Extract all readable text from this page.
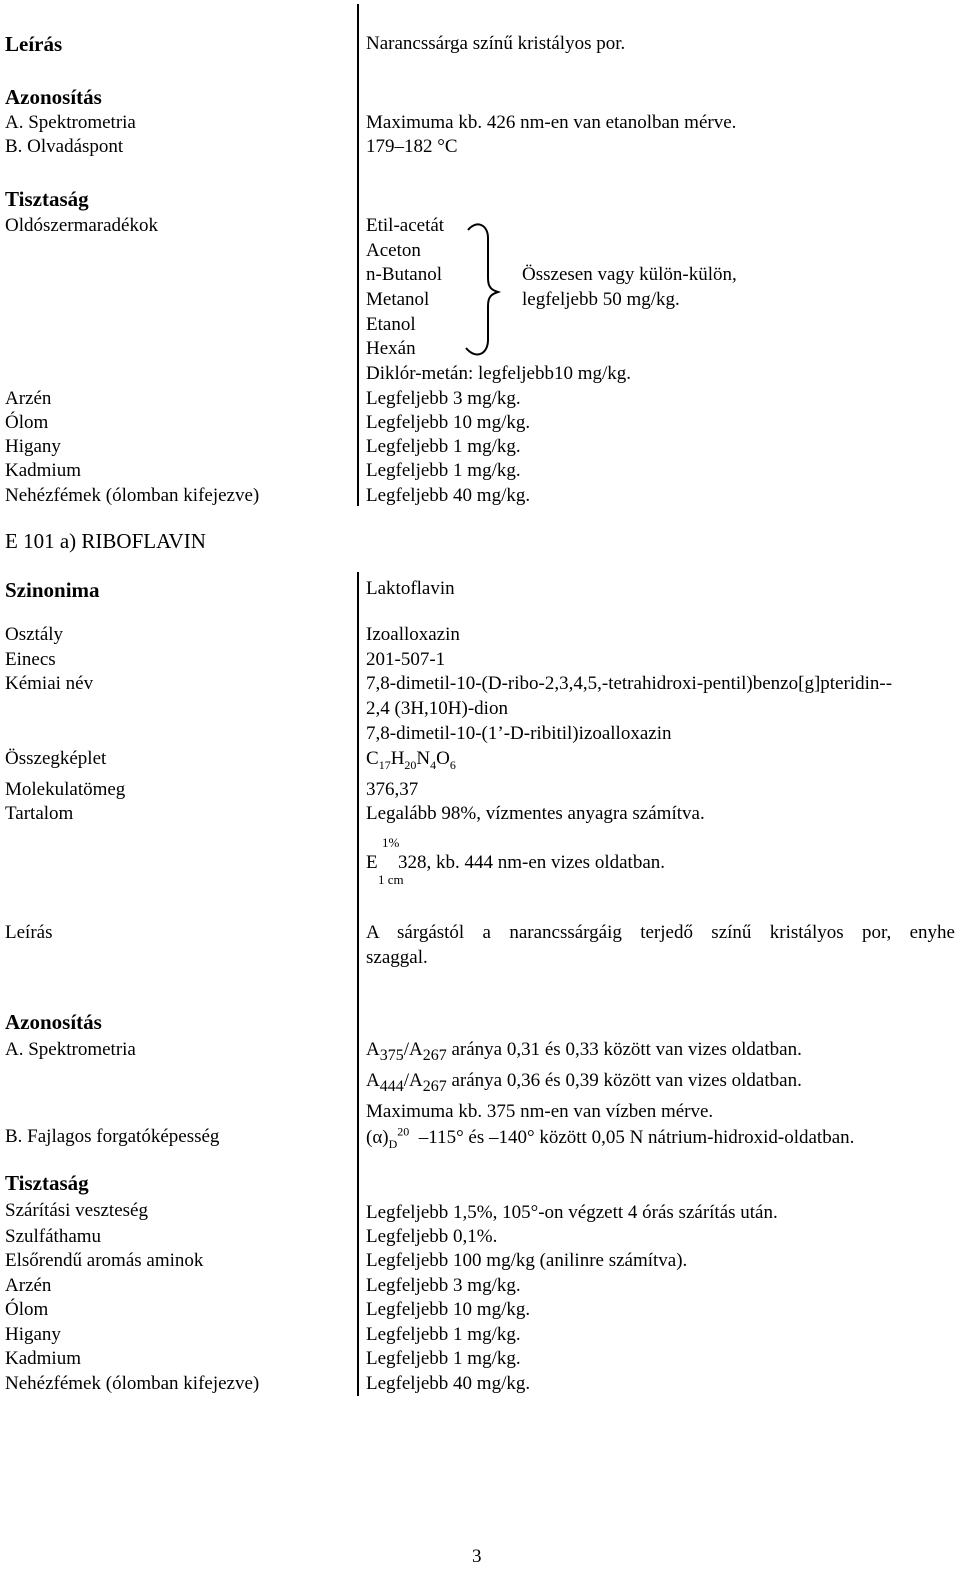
Leírás	Narancssárga színű kristályos por.
Azonosítás
A. Spektrometria	Maximuma kb. 426 nm-en van etanolban mérve.
B. Olvadáspont	179–182 °C
Tisztaság
Oldószermaradékok	Etil-acetát
Aceton
n-Butanol
Metanol
Etanol
Hexán
Összesen vagy külön-külön,
legfeljebb 50 mg/kg.
Diklór-metán: legfeljebb10 mg/kg.
Arzén	Legfeljebb 3 mg/kg.
Ólom	Legfeljebb 10 mg/kg.
Higany	Legfeljebb 1 mg/kg.
Kadmium	Legfeljebb 1 mg/kg.
Nehézfémek (ólomban kifejezve)	Legfeljebb 40 mg/kg.
E 101 a) RIBOFLAVIN
Szinonima	Laktoflavin
Osztály	Izoalloxazin
Einecs	201-507-1
Kémiai név	7,8-dimetil-10-(D-ribo-2,3,4,5,-tetrahidroxi-pentil)benzo[g]pteridin--
2,4 (3H,10H)-dion
7,8-dimetil-10-(1’-D-ribitil)izoalloxazin
Összegképlet	$C_{17}H_{20}N_4O_6$
Molekulatömeg	376,37
Tartalom	Legalább 98%, vízmentes anyagra számítva.
1%
E
1 cm
328, kb. 444 nm-en vizes oldatban.
Leírás	A sárgástól a narancssárgáig terjedő színű kristályos por, enyhe
szaggal.
Azonosítás
A. Spektrometria	$A_{375}/A_{267}$ aránya 0,31 és 0,33 között van vizes oldatban.
$A_{444}/A_{267}$ aránya 0,36 és 0,39 között van vizes oldatban.
Maximuma kb. 375 nm-en van vízben mérve.
B. Fajlagos forgatóképesség	$(\alpha)_D^{20}$ –115° és –140° között 0,05 N nátrium-hidroxid-oldatban.
Tisztaság
Szárítási veszteség	Legfeljebb 1,5%, 105°-on végzett 4 órás szárítás után.
Szulfáthamu	Legfeljebb 0,1%.
Elsőrendű aromás aminok	Legfeljebb 100 mg/kg (anilinre számítva).
Arzén	Legfeljebb 3 mg/kg.
Ólom	Legfeljebb 10 mg/kg.
Higany	Legfeljebb 1 mg/kg.
Kadmium	Legfeljebb 1 mg/kg.
Nehézfémek (ólomban kifejezve)	Legfeljebb 40 mg/kg.
3
